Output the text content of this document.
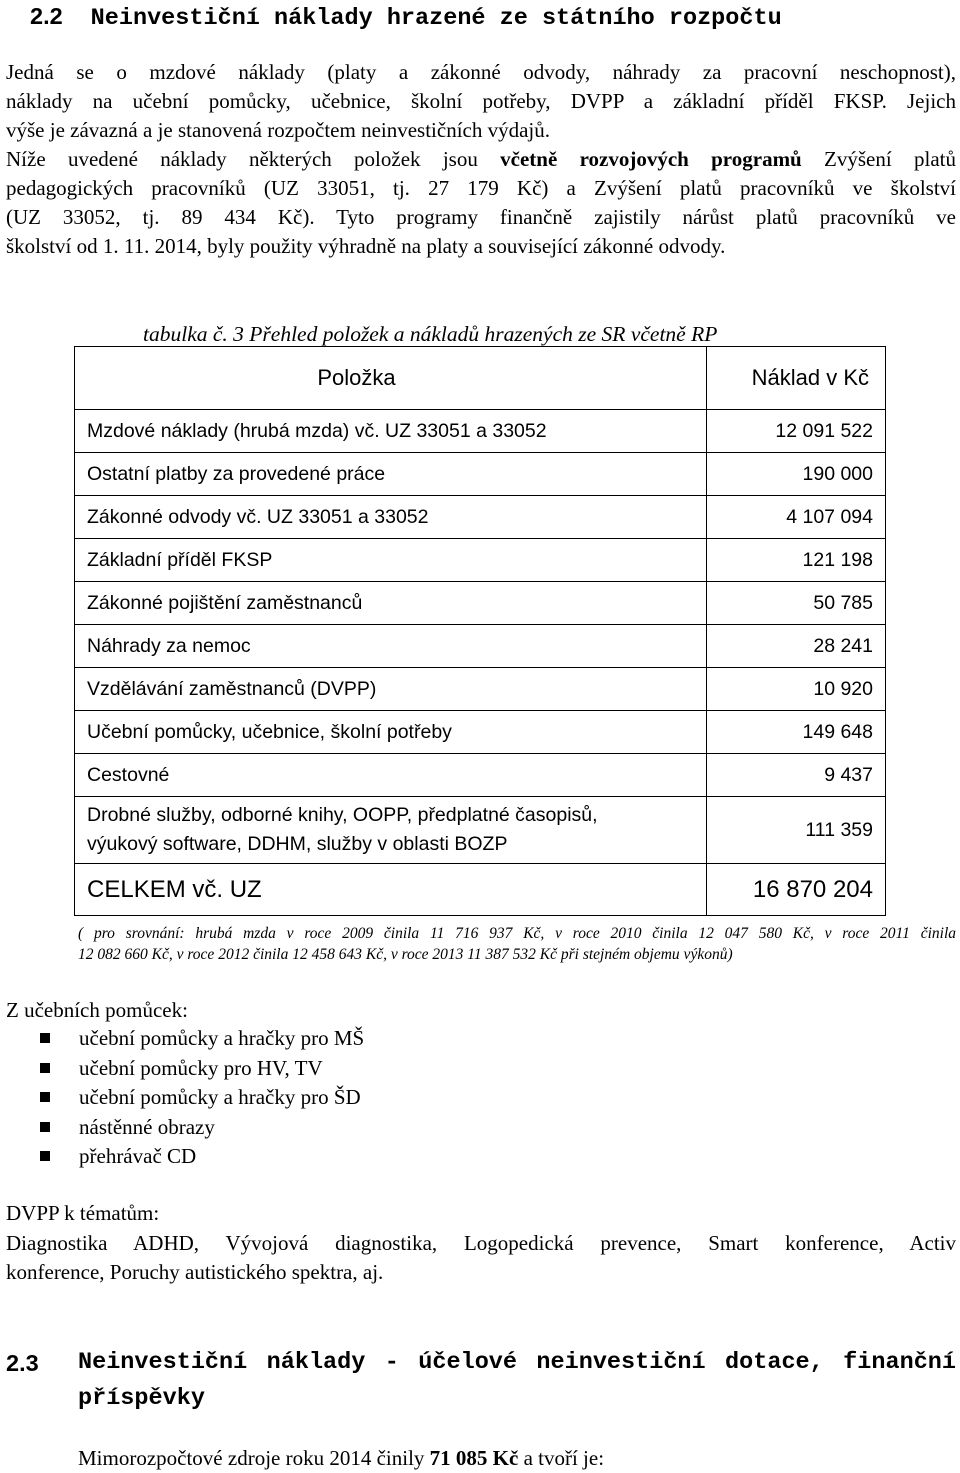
2.2 Neinvestiční náklady hrazené ze státního rozpočtu
Jedná se o mzdové náklady (platy a zákonné odvody, náhrady za pracovní neschopnost),
náklady na učební pomůcky, učebnice, školní potřeby, DVPP a základní příděl FKSP. Jejich
výše je závazná a je stanovená rozpočtem neinvestičních výdajů.
Níže uvedené náklady některých položek jsou včetně rozvojových programů Zvýšení platů
pedagogických pracovníků (UZ 33051, tj. 27 179 Kč) a Zvýšení platů pracovníků ve školství
(UZ 33052, tj. 89 434 Kč). Tyto programy finančně zajistily nárůst platů pracovníků ve
školství od 1. 11. 2014, byly použity výhradně na platy a související zákonné odvody.
tabulka č. 3 Přehled položek a nákladů hrazených ze SR včetně RP
Položka	Náklad v Kč
Mzdové náklady (hrubá mzda) vč. UZ 33051 a 33052	12 091 522
Ostatní platby za provedené práce	190 000
Zákonné odvody vč. UZ 33051 a 33052	4 107 094
Základní příděl FKSP	121 198
Zákonné pojištění zaměstnanců	50 785
Náhrady za nemoc	28 241
Vzdělávání zaměstnanců (DVPP)	10 920
Učební pomůcky, učebnice, školní potřeby	149 648
Cestovné	9 437

Drobné služby, odborné knihy, OOPP, předplatné časopisů,
výukový software, DDHM, služby v oblasti BOZP	111 359
CELKEM vč. UZ	16 870 204
( pro srovnání: hrubá mzda v roce 2009 činila 11 716 937 Kč, v roce 2010 činila 12 047 580 Kč, v roce 2011 činila
12 082 660 Kč, v roce 2012 činila 12 458 643 Kč, v roce 2013 11 387 532 Kč při stejném objemu výkonů)
Z učebních pomůcek:
učební pomůcky a hračky pro MŠ
učební pomůcky pro HV, TV
učební pomůcky a hračky pro ŠD
nástěnné obrazy
přehrávač CD
DVPP k tématům:
Diagnostika ADHD, Vývojová diagnostika, Logopedická prevence, Smart konference, Activ
konference, Poruchy autistického spektra, aj.
2.3	Neinvestiční náklady - účelové neinvestiční dotace, finanční
příspěvky
Mimorozpočtové zdroje roku 2014 činily 71 085 Kč a tvoří je:
